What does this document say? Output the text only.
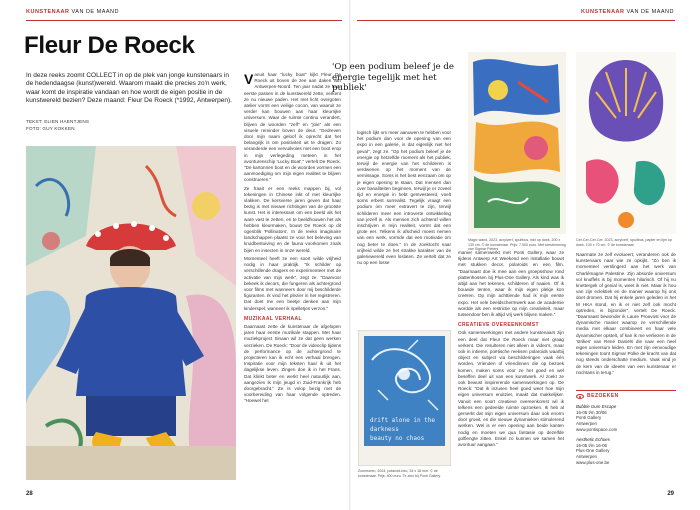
KUNSTENAAR VAN DE MAAND
Fleur De Roeck

In deze reeks zoomt COLLECT in op de plek van jonge kunstenaars in de hedendaagse (kunst)wereld. Waarom maakt die precies zo'n werk, waar komt de inspiratie vandaan en hoe wordt de eigen positie in de kunstwereld bezien? Deze maand: Fleur De Roeck (*1992, Antwerpen).

TEKST: ELIEN HAENTJENS
FOTO: GUY KOKKEN

Vanuit haar "lucky boat" kijkt Fleur De Roeck uit boven de zee aan daken van Antwerpen-Noord. Ten jaar nadat ze haar eerste passen in de kunstwereld zette, verkent ze nu nieuwe paden. Het met licht overgoten atelier vormt een veilige cocon, van waaruit ze verder kan bouwen aan haar kleurrijke universum. Waar de ruimte continu verandert, blijven de woorden "zelf" en "joie" als een visuele reminder boven de deur. "Gedreven door mijn naam geloof ik oprecht dat het belangrijk is om positiviteit uit te dragen. Zo veranderde een vervuilvoies met een boot erop in mijn verlegeding meteen in het avonturenschip 'Lucky Boat'," vertelt De Roeck. "De kartonnen boot en de woorden vormen een aanmoediging om mijn eigen realiteit te blijven construeren."

Ze fraait er een reeks mappen bij, vol tekeningen in Chinese inkt of met kleurrijke vlakken. De kersverse jaren geven dat haar bezig is met nieuwe richtingen van de grootste kunst. Het is interessant om een beeld als het ware vast te zetten, en te beeldhouwen het als hebben kleurmaken, bouwt De Roeck op dit ogenblik 'Pollinators'. In de reeks imaginaire landschappen plaatst ze voor het beleving van kruidbestuiving en de fauna voorkomen zoals bijen en insecten in onze wereld.

Momenteel heeft ze een soort wilde vrijheid nodig in haar praktijk. "Ik schilder op verschillende dragers en experimenteer met de activatie van mijn werk", zegt ze. "Daarvoor bekeek ik decors, die fungeren als achtergrond voor films met wanneers door mij beschilderde figuranten. Ik vind het plezier in het registreren. Dat doet me een beetje denken aan mijn kinderspel, wanneer ik spelletjes verzon."

MUZIKAAL VERHAAL

Daarnaast zette de kunstenaar de afgelopen jaren haar eerste muzikale stappen. Met haar muziekproject Sinaan wil ze dat geen werken verzieken. De Roeck: "Door de videoclip tijdens de performance op de achtergrond te projecteren kan ik echt een verhaal brengen. Inspiratie voor mijn teksten haal ik uit het dagelijkse leven. Zingen doe ik in het Frans. Dat klinkt beter en werkt heel natuurlijk aan, aangezien ik mijn jeugd in Zuid-Frankrijk heb doorgebracht." Ze is volop bezig met de voorbereiding van haar volgende optreden. "Hoewel het

28
KUNSTENAAR VAN DE MAAND
'Op een podium beleef je de energie tegelijk met het publiek'

logisch lijkt om meer aanuwen te hebben voor het podium dan voor de opening van een expo in een galerie, is dat eigenlijk niet het geval", zegt ze. "Op het podium beleef je de energie op hetzelfde moment als het publiek, terwijl de energie van het schilderen is verdwenen op het moment van de vernissage. Soms is het best eenzaam om op je eigen opening te staan. Dat mensen dan over banaliteiten beginnen, terwijl je er zoveel tijd en energie in hebt geïnvesteerd, voelt soms erbest surrealist. Tegelijk vraagt een podium om meer extravert te zijn, terwijl schilderen meer een introverte ontwikkeling van jezelf is. Als mensen zich achteraf willen inschrijven in mijn realiteit, vormt dat een grote eer. Telkens ik afscheid moest nemen van een werk, vormde dat een motivatie om nog beter te doen." In de zoektocht naar vrijheid wilde ze het strakke karakter van de galeriewereld even loslaten. Ze vertelt dat ze nu op een losse

drift alone in the
darkness
beauty no chaos
Zonneoren, 2024, polaroid-foto, 34 x 18 mm. © de kunstenaar. Prijs: 400 euro. Te zien bij Ponti Gallery.
Magic wand, 2023, acrylverf, spuitbus, inkt op doek, 200 x 130 cm. © de kunstenaar. Prijs: 7.500 euro. Met toestemming van Sigmar Pieters
Cer-Cer-Cer-Cer, 2023, acrylverf, spuitbus, papier en lijm op doek, 100 x 70 cm. © de kunstenaar.

manier samenwerkt met Ponti Gallery, waar ze tijdens Antwerp Art Weekend een installatie bouwt met stukken decor, polaroids en een film. "Daarnaast doe ik mee aan een groepsshow rond plattenhossen bij Plus-One Gallery. Als kind was ik altijd aan het tekenen, schilderen of naaien. Of ik bouwde tenten, waar ik mijn eigen plekje kon creëren. Op mijn achttiende had ik mijn eerste expo. Het vele beeldschermwerk aan de academie wordde als een restrictie op mijn creativiteit, maar tussendoor ben ik altijd vrij werk blijven maken."

CREATIEVE OVEREENKOMST

Ook samenwerkingen met andere kunstenaars zijn een deel dat Fleur De Roeck maar niet graag verkent. Die resulteren niet alleen in video's, maar ook in intieme, poëtische reeksen polaroids waarbij object en subject via beschilderingen vaak één worden. Vrienden of vriendinnen die op bezoek komen, maken soms voor ze het goed en wel beseffen deel uit van een kunstwerk. Al zoekt ze ook bewust inspirerende samenwerkingen op. De Roeck: "Dat ik inzusen heel goed weet hoe mijn eigen universum eruitziet, maakt dat makkelijker. Vanuit een soort creatieve overeenkomst wil ik telkens een gedeelde ruimte opzoeken. Ik heb al gemerkt dat mijn eigen universum daar ook enorm door groeit, en die nieuwe dynamieken stimulerend werken. Wel is er een opening aan beide kanten nodig en moeten we qua fantasie op dezelfde golflengte zitten. Enkel zo kunnen we samen het avontuur aangaan."

Naarmate ze zelf evolueert, veranderen ook de kunstenaars naar wie ze opkijkt. "Zo ben ik momenteel verslingerd aan het werk van Charlémagne Palestine. Zijn absurde universum vol knuffels is bij momenten hilarisch. Of hij nu knettergek of genial is, weet ik niet. Maar ik hou van zijn eclektiek en de manier waarop hij ons doet dromen. Dat hij enkele jaren geleden in het M HKA stond, en ik er niet zelf ook mocht optreden, is bijzonder", vertelt De Roeck. "Daarnaast bewonder ik Laure Prouvost voor de dynamische manier waarop ze verschillende media met elkaar combineert en haar vele dynamischer opstelt, of kan ik me verliezen in de 'strikes' van René Daniëls die naar een heel eigen universum leiden. En met zijn eenvoudige tekeningen toont Sigmar Polke de kracht van dat nog steeds onderschatte medium. Vaak vind je de kern van de ideeën van een kunstenaar er nochtans in terug."

BEZOEKEN
Bubble Gum Escape
16-05 t/m 30/06
Ponti Gallery
Antwerpen
www.pontispace.com
Aesthetic Echoes
16-05 t/m 16-06
Plus-One Gallery
Antwerpen
www.plus-one.be
29
